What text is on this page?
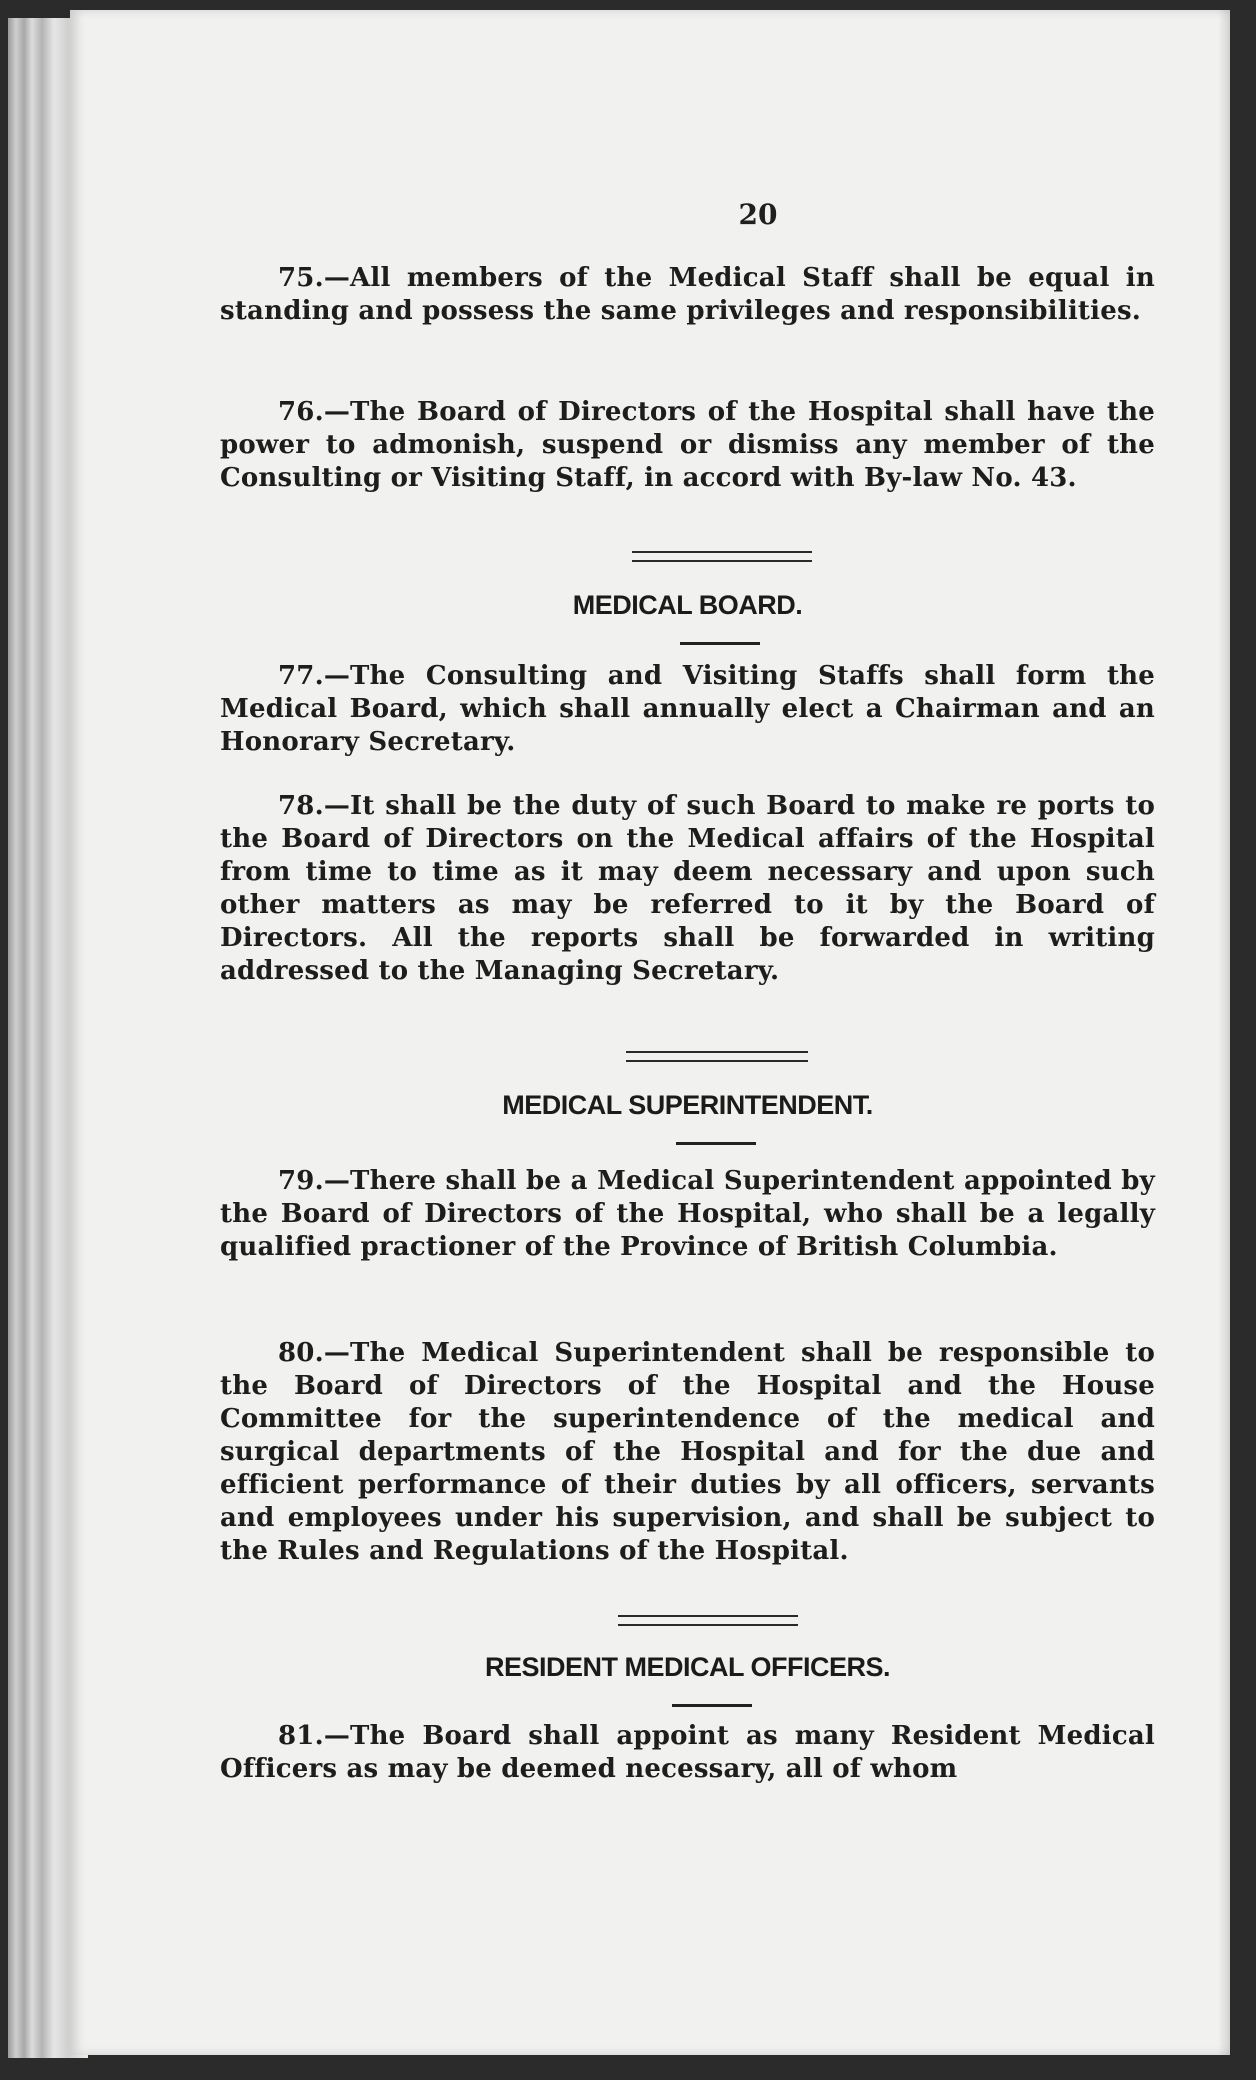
20

75.—All members of the Medical Staff shall be equal in standing and possess the same privileges and responsibilities.

76.—The Board of Directors of the Hospital shall have the power to admonish, suspend or dismiss any member of the Consulting or Visiting Staff, in accord with By-law No. 43.

MEDICAL BOARD.

77.—The Consulting and Visiting Staffs shall form the Medical Board, which shall annually elect a Chairman and an Honorary Secretary.

78.—It shall be the duty of such Board to make re ports to the Board of Directors on the Medical affairs of the Hospital from time to time as it may deem necessary and upon such other matters as may be referred to it by the Board of Directors. All the reports shall be forwarded in writing addressed to the Managing Secretary.

MEDICAL SUPERINTENDENT.

79.—There shall be a Medical Superintendent appointed by the Board of Directors of the Hospital, who shall be a legally qualified practioner of the Province of British Columbia.

80.—The Medical Superintendent shall be responsible to the Board of Directors of the Hospital and the House Committee for the superintendence of the medical and surgical departments of the Hospital and for the due and efficient performance of their duties by all officers, servants and employees under his supervision, and shall be subject to the Rules and Regulations of the Hospital.

RESIDENT MEDICAL OFFICERS.

81.—The Board shall appoint as many Resident Medical Officers as may be deemed necessary, all of whom
